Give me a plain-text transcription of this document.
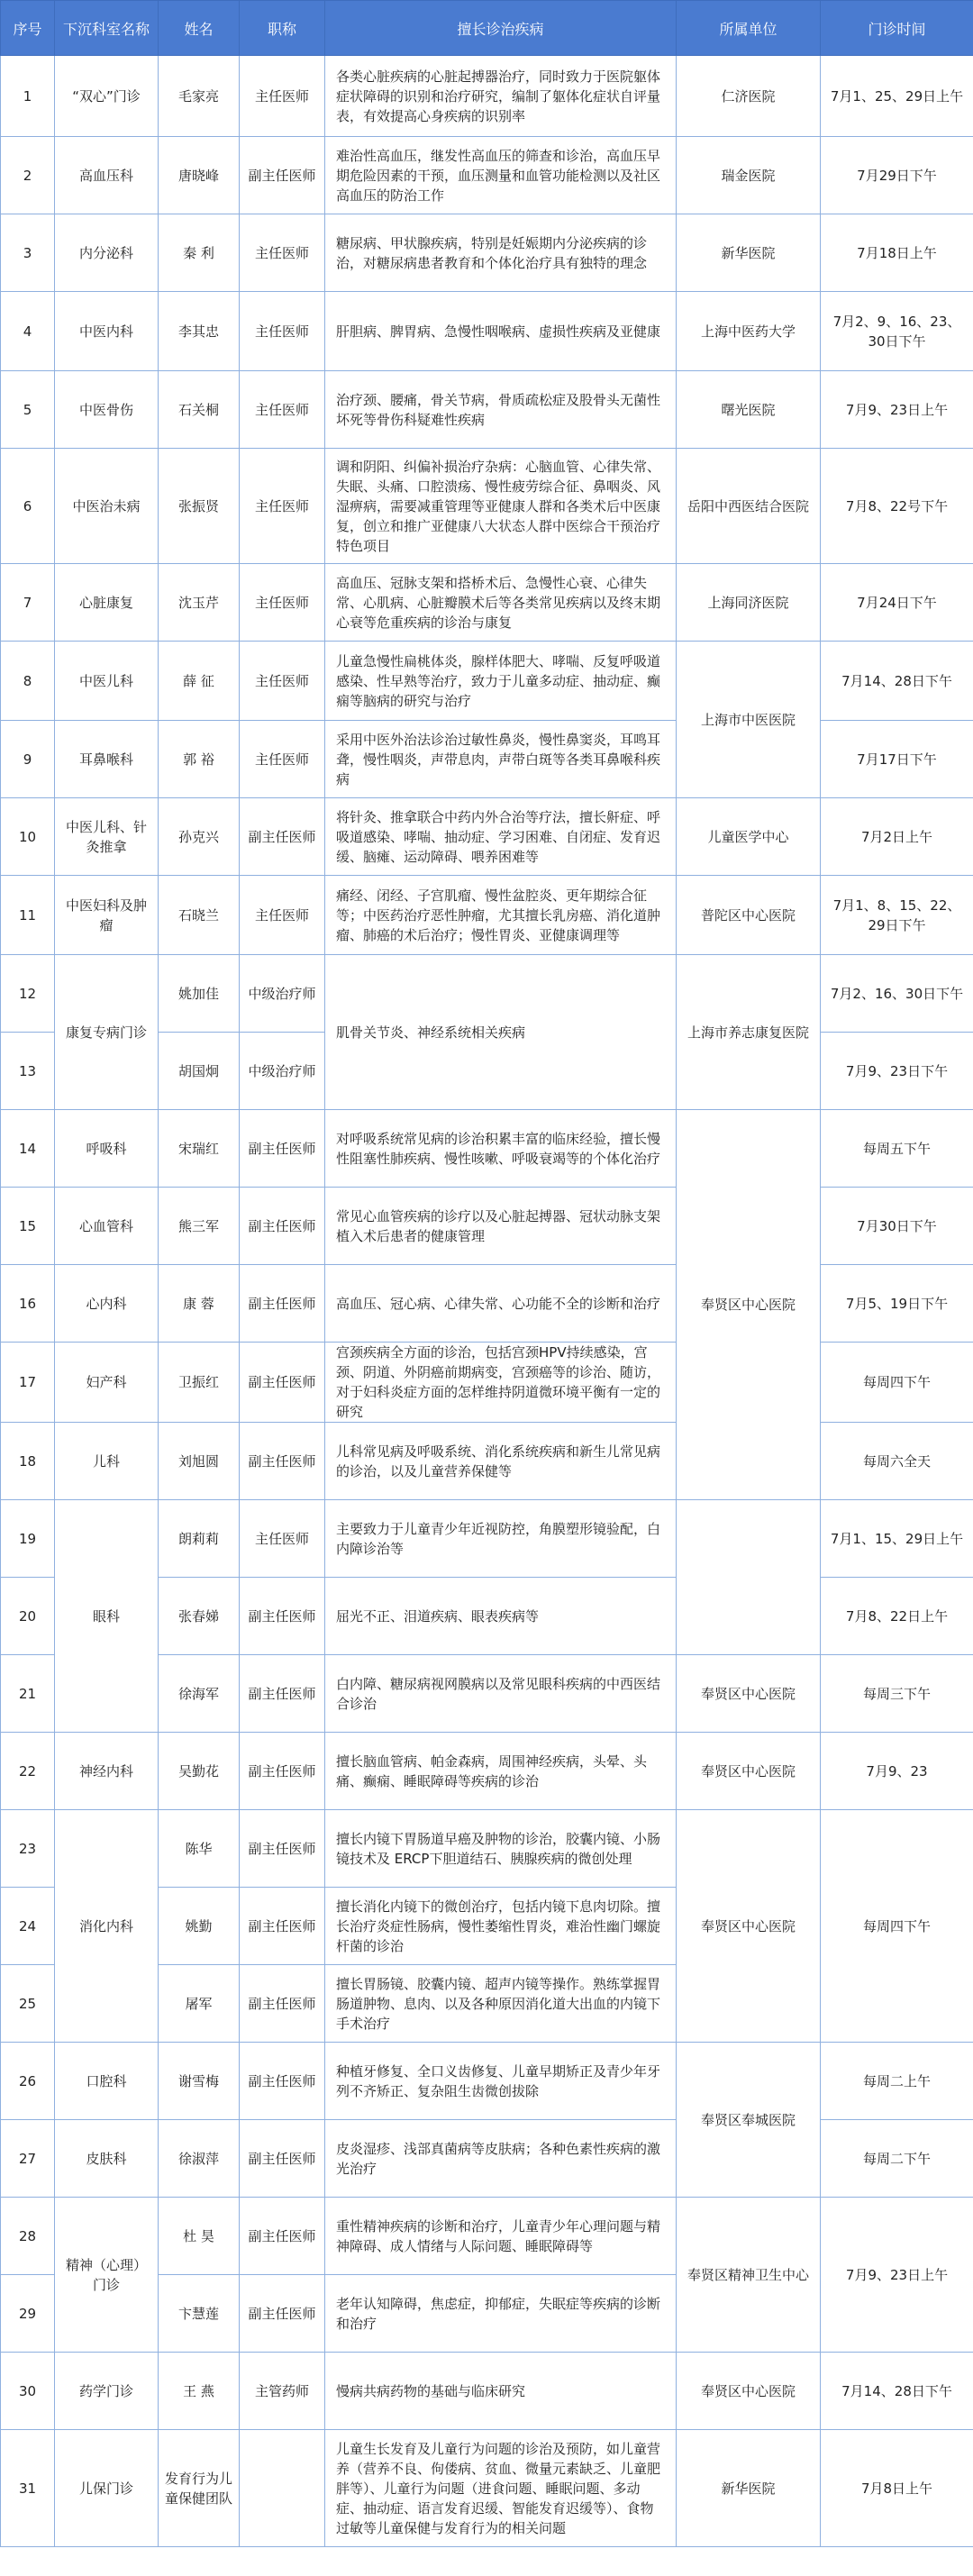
序号	下沉科室名称	姓名	职称	擅长诊治疾病	所属单位	门诊时间
1	“双心”门诊	毛家亮	主任医师	各类心脏疾病的心脏起搏器治疗，同时致力于医院躯体症状障碍的识别和治疗研究，编制了躯体化症状自评量表，有效提高心身疾病的识别率	仁济医院	7月1、25、29日上午
2	高血压科	唐晓峰	副主任医师	难治性高血压，继发性高血压的筛查和诊治，高血压早期危险因素的干预，血压测量和血管功能检测以及社区高血压的防治工作	瑞金医院	7月29日下午
3	内分泌科	秦 利	主任医师	糖尿病、甲状腺疾病，特别是妊娠期内分泌疾病的诊治，对糖尿病患者教育和个体化治疗具有独特的理念	新华医院	7月18日上午
4	中医内科	李其忠	主任医师	肝胆病、脾胃病、急慢性咽喉病、虚损性疾病及亚健康	上海中医药大学	7月2、9、16、23、30日下午
5	中医骨伤	石关桐	主任医师	治疗颈、腰痛，骨关节病，骨质疏松症及股骨头无菌性坏死等骨伤科疑难性疾病	曙光医院	7月9、23日上午
6	中医治未病	张振贤	主任医师	调和阴阳、纠偏补损治疗杂病：心脑血管、心律失常、失眠、头痛、口腔溃疡、慢性疲劳综合征、鼻咽炎、风湿痹病，需要减重管理等亚健康人群和各类术后中医康复，创立和推广亚健康八大状态人群中医综合干预治疗特色项目	岳阳中西医结合医院	7月8、22号下午
7	心脏康复	沈玉芹	主任医师	高血压、冠脉支架和搭桥术后、急慢性心衰、心律失常、心肌病、心脏瓣膜术后等各类常见疾病以及终末期心衰等危重疾病的诊治与康复	上海同济医院	7月24日下午
8	中医儿科	薛 征	主任医师	儿童急慢性扁桃体炎，腺样体肥大、哮喘、反复呼吸道感染、性早熟等治疗，致力于儿童多动症、抽动症、癫痫等脑病的研究与治疗	上海市中医医院	7月14、28日下午
9	耳鼻喉科	郭 裕	主任医师	采用中医外治法诊治过敏性鼻炎，慢性鼻窦炎，耳鸣耳聋，慢性咽炎，声带息肉，声带白斑等各类耳鼻喉科疾病		7月17日下午
10	中医儿科、针灸推拿	孙克兴	副主任医师	将针灸、推拿联合中药内外合治等疗法，擅长鼾症、呼吸道感染、哮喘、抽动症、学习困难、自闭症、发育迟缓、脑瘫、运动障碍、喂养困难等	儿童医学中心	7月2日上午
11	中医妇科及肿瘤	石晓兰	主任医师	痛经、闭经、子宫肌瘤、慢性盆腔炎、更年期综合征等；中医药治疗恶性肿瘤，尤其擅长乳房癌、消化道肿瘤、肺癌的术后治疗；慢性胃炎、亚健康调理等	普陀区中心医院	7月1、8、15、22、29日下午
12	康复专病门诊	姚加佳	中级治疗师	肌骨关节炎、神经系统相关疾病	上海市养志康复医院	7月2、16、30日下午
13		胡国炯	中级治疗师			7月9、23日下午
14	呼吸科	宋瑞红	副主任医师	对呼吸系统常见病的诊治积累丰富的临床经验，擅长慢性阻塞性肺疾病、慢性咳嗽、呼吸衰竭等的个体化治疗	奉贤区中心医院	每周五下午
15	心血管科	熊三军	副主任医师	常见心血管疾病的诊疗以及心脏起搏器、冠状动脉支架植入术后患者的健康管理		7月30日下午
16	心内科	康 蓉	副主任医师	高血压、冠心病、心律失常、心功能不全的诊断和治疗		7月5、19日下午
17	妇产科	卫振红	副主任医师	宫颈疾病全方面的诊治，包括宫颈HPV持续感染，宫颈、阴道、外阴癌前期病变，宫颈癌等的诊治、随访，对于妇科炎症方面的怎样维持阴道微环境平衡有一定的研究		每周四下午
18	儿科	刘旭圆	副主任医师	儿科常见病及呼吸系统、消化系统疾病和新生儿常见病的诊治，以及儿童营养保健等		每周六全天
19	眼科	朗莉莉	主任医师	主要致力于儿童青少年近视防控，角膜塑形镜验配，白内障诊治等		7月1、15、29日上午
20		张春娣	副主任医师	屈光不正、泪道疾病、眼表疾病等		7月8、22日上午
21		徐海军	副主任医师	白内障、糖尿病视网膜病以及常见眼科疾病的中西医结合诊治	奉贤区中心医院	每周三下午
22	神经内科	吴勤花	副主任医师	擅长脑血管病、帕金森病，周围神经疾病，头晕、头痛、癫痫、睡眠障碍等疾病的诊治	奉贤区中心医院	7月9、23
23	消化内科	陈华	副主任医师	擅长内镜下胃肠道早癌及肿物的诊治，胶囊内镜、小肠镜技术及 ERCP下胆道结石、胰腺疾病的微创处理	奉贤区中心医院	每周四下午
24		姚勤	副主任医师	擅长消化内镜下的微创治疗，包括内镜下息肉切除。擅长治疗炎症性肠病，慢性萎缩性胃炎，难治性幽门螺旋杆菌的诊治		
25		屠军	副主任医师	擅长胃肠镜、胶囊内镜、超声内镜等操作。熟练掌握胃肠道肿物、息肉、以及各种原因消化道大出血的内镜下手术治疗		
26	口腔科	谢雪梅	副主任医师	种植牙修复、全口义齿修复、儿童早期矫正及青少年牙列不齐矫正、复杂阻生齿微创拔除	奉贤区奉城医院	每周二上午
27	皮肤科	徐淑萍	副主任医师	皮炎湿疹、浅部真菌病等皮肤病；各种色素性疾病的激光治疗		每周二下午
28	精神（心理）门诊	杜 昊	副主任医师	重性精神疾病的诊断和治疗，儿童青少年心理问题与精神障碍、成人情绪与人际问题、睡眠障碍等	奉贤区精神卫生中心	7月9、23日上午
29		卞慧莲	副主任医师	老年认知障碍，焦虑症，抑郁症，失眠症等疾病的诊断和治疗		
30	药学门诊	王 燕	主管药师	慢病共病药物的基础与临床研究	奉贤区中心医院	7月14、28日下午
31	儿保门诊	发育行为儿童保健团队		儿童生长发育及儿童行为问题的诊治及预防，如儿童营养（营养不良、佝偻病、贫血、微量元素缺乏、儿童肥胖等）、儿童行为问题（进食问题、睡眠问题、多动症、抽动症、语言发育迟缓、智能发育迟缓等）、食物过敏等儿童保健与发育行为的相关问题	新华医院	7月8日上午
